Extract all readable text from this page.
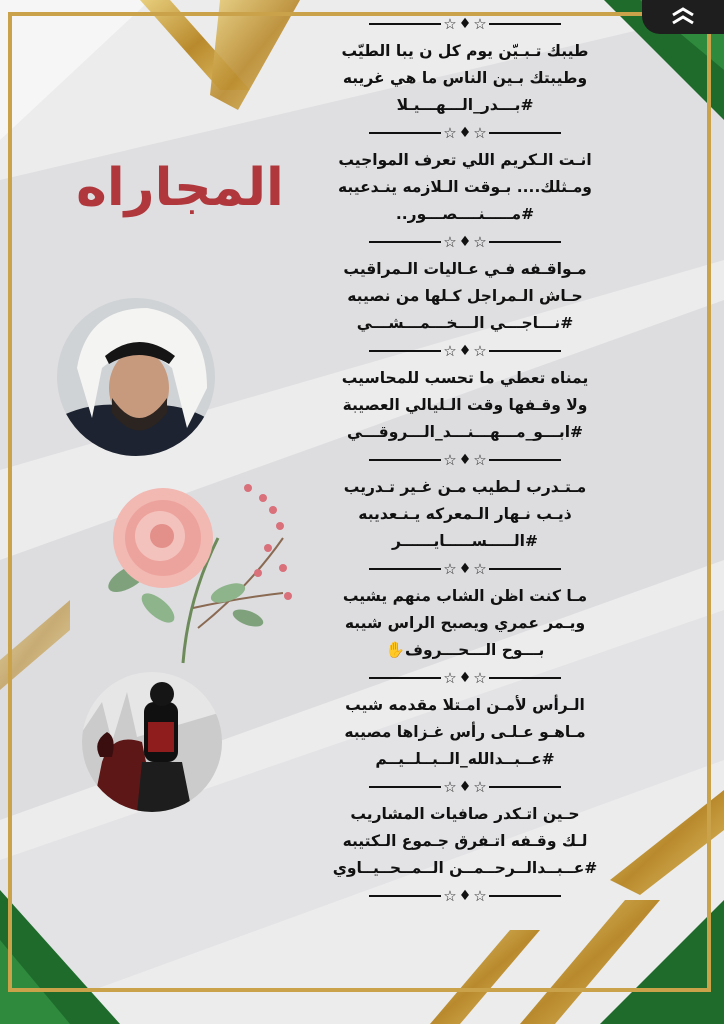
المجاراه
☆ ♦ ☆
طيبك تـبـيّن يوم كل ن يبا الطيّب
وطيبتك بـين الناس ما هي غريبه
#بـــدر_الـــهـــيـلا
☆ ♦ ☆
انـت الـكريم اللي تعرف المواجيب
ومـثلك.... بـوقت الـلازمه ينـدعيبه
#مـــــنــــصـــور..
☆ ♦ ☆
مـواقـفه فـي عـاليات الـمراقيب
حـاش الـمراجل كـلها من نصيبه
#نـــاجـــي الـــخـــمـــشـــي
☆ ♦ ☆
يمناه تعطي ما تحسب للمحاسيب
ولا وقـفها وقت الـليالي العصيبة
#ابـــو_مـــهـــنـــد_الـــروقـــي
☆ ♦ ☆
مـتـدرب لـطيب مـن غـير تـدريب
ذيـب نـهار الـمعركه يـنـعديبه
#الـــــســـــايــــــر
☆ ♦ ☆
مـا كنت اظن الشاب منهم يشيب
ويـمر عمري ويصبح الراس شيبه
بـــوح الـــحـــروف✋
☆ ♦ ☆
الـرأس لأمـن امـتلا مقدمه شيب
مـاهـو عـلـى رأس غـزاها مصيبه
#عــبــدالله_الــبــلــيــم
☆ ♦ ☆
حـين اتـكدر صافيات المشاريب
لـك وقـفه اتـفرق جـموع الـكتيبه
#عــبــدالــرحــمــن الــمــحــيــاوي
☆ ♦ ☆
